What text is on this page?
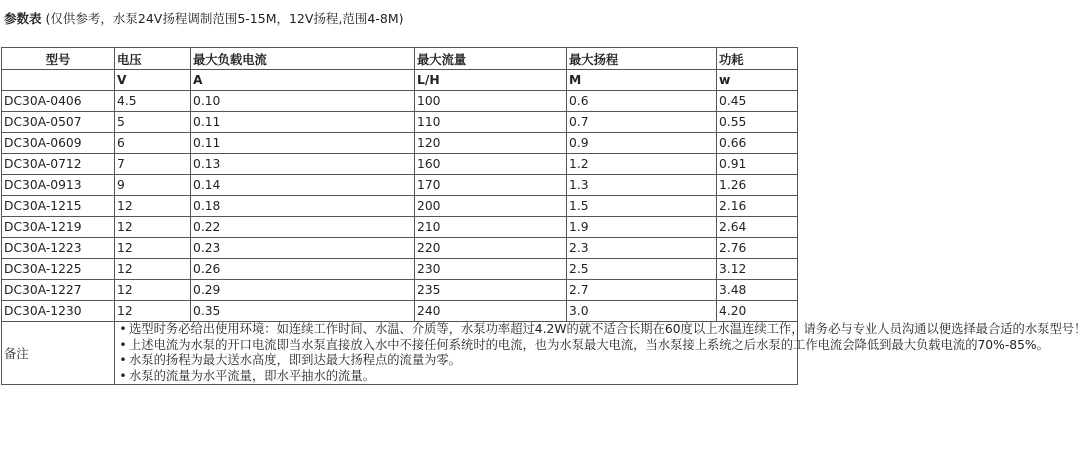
参数表 (仅供参考，水泵24V扬程调制范围5-15M，12V扬程,范围4-8M)
型号	电压	最大负载电流	最大流量	最大扬程	功耗
	V	A	L/H	M	w
DC30A-0406	4.5	0.10	100	0.6	0.45
DC30A-0507	5	0.11	110	0.7	0.55
DC30A-0609	6	0.11	120	0.9	0.66
DC30A-0712	7	0.13	160	1.2	0.91
DC30A-0913	9	0.14	170	1.3	1.26
DC30A-1215	12	0.18	200	1.5	2.16
DC30A-1219	12	0.22	210	1.9	2.64
DC30A-1223	12	0.23	220	2.3	2.76
DC30A-1225	12	0.26	230	2.5	3.12
DC30A-1227	12	0.29	235	2.7	3.48
DC30A-1230	12	0.35	240	3.0	4.20
备注	• 选型时务必给出使用环境：如连续工作时间、水温、介质等，水泵功率超过4.2W的就不适合长期在60度以上水温连续工作，请务必与专业人员沟通以便选择最合适的水泵型号！
• 上述电流为水泵的开口电流即当水泵直接放入水中不接任何系统时的电流，也为水泵最大电流，当水泵接上系统之后水泵的工作电流会降低到最大负载电流的70%-85%。
• 水泵的扬程为最大送水高度，即到达最大扬程点的流量为零。
• 水泵的流量为水平流量，即水平抽水的流量。				
